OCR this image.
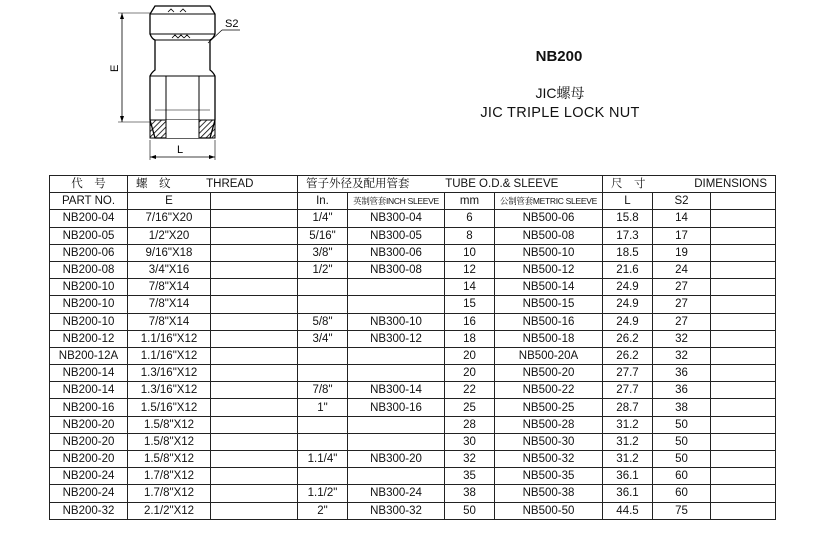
E
L
S2
NB200
JIC螺母
JIC TRIPLE LOCK NUT
代　号	螺　纹 THREAD		管子外径及配用管套 TUBE O.D.& SLEEVE				尺　寸 DIMENSIONS		

PART NO.	E		In.	英制管套INCH SLEEVE	mm	公制管套METRIC SLEEVE	L	S2	
NB200-04	7/16"X20		1/4"	NB300-04	6	NB500-06	15.8	14	
NB200-05	1/2"X20		5/16"	NB300-05	8	NB500-08	17.3	17	
NB200-06	9/16"X18		3/8"	NB300-06	10	NB500-10	18.5	19	
NB200-08	3/4"X16		1/2"	NB300-08	12	NB500-12	21.6	24	
NB200-10	7/8"X14				14	NB500-14	24.9	27	
NB200-10	7/8"X14				15	NB500-15	24.9	27	
NB200-10	7/8"X14		5/8"	NB300-10	16	NB500-16	24.9	27	
NB200-12	1.1/16"X12		3/4"	NB300-12	18	NB500-18	26.2	32	
NB200-12A	1.1/16"X12				20	NB500-20A	26.2	32	
NB200-14	1.3/16"X12				20	NB500-20	27.7	36	
NB200-14	1.3/16"X12		7/8"	NB300-14	22	NB500-22	27.7	36	
NB200-16	1.5/16"X12		1"	NB300-16	25	NB500-25	28.7	38	
NB200-20	1.5/8"X12				28	NB500-28	31.2	50	
NB200-20	1.5/8"X12				30	NB500-30	31.2	50	
NB200-20	1.5/8"X12		1.1/4"	NB300-20	32	NB500-32	31.2	50	
NB200-24	1.7/8"X12				35	NB500-35	36.1	60	
NB200-24	1.7/8"X12		1.1/2"	NB300-24	38	NB500-38	36.1	60	
NB200-32	2.1/2"X12		2"	NB300-32	50	NB500-50	44.5	75	
